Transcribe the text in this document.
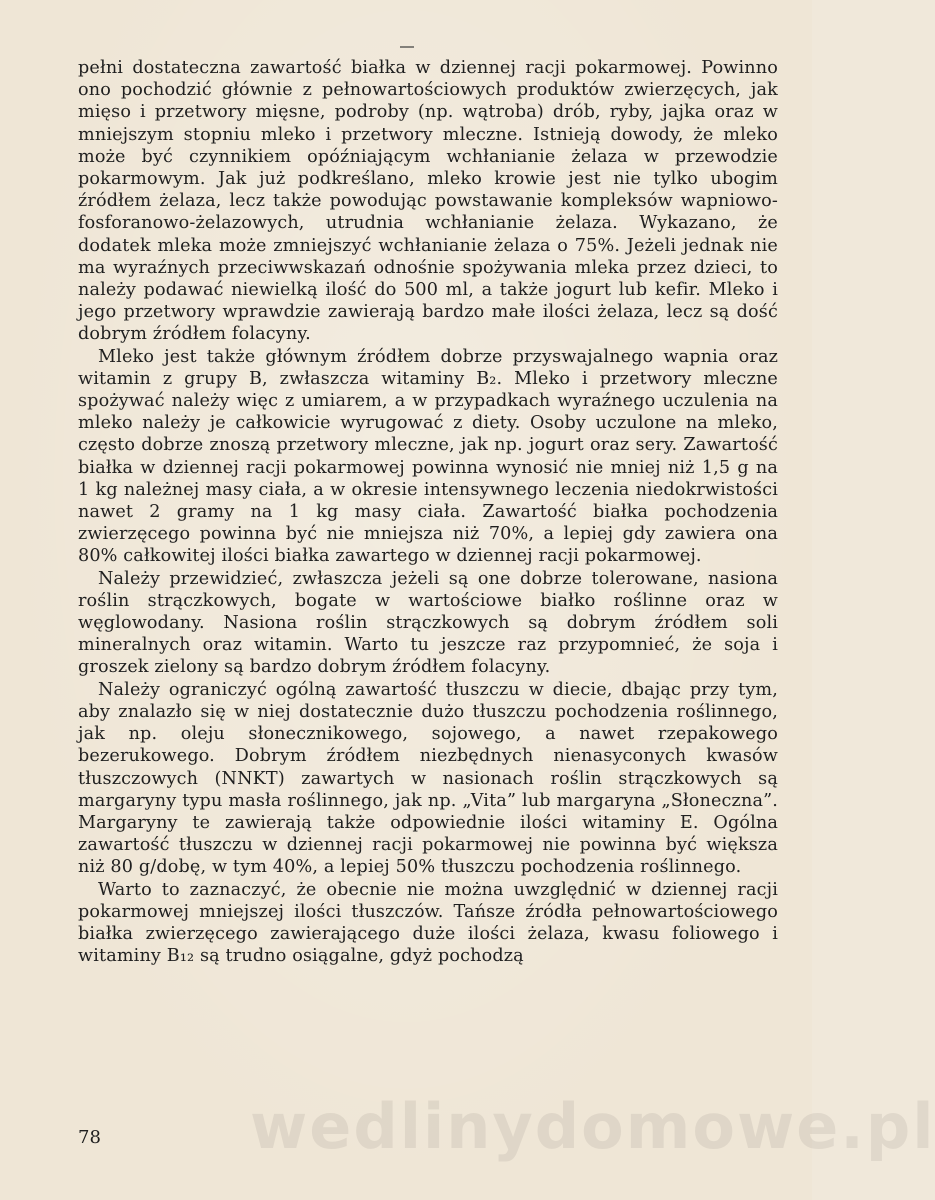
pełni dostateczna zawartość białka w dziennej racji pokarmowej. Powinno ono pochodzić głównie z pełnowartościowych produktów zwierzęcych, jak mięso i przetwory mięsne, podroby (np. wątroba) drób, ryby, jajka oraz w mniejszym stopniu mleko i przetwory mleczne. Istnieją dowody, że mleko może być czynnikiem opóźniającym wchłanianie żelaza w przewodzie pokarmowym. Jak już podkreślano, mleko krowie jest nie tylko ubogim źródłem żelaza, lecz także powodując powstawanie kompleksów wapniowo-fosforanowo-żelazowych, utrudnia wchłanianie żelaza. Wykazano, że dodatek mleka może zmniejszyć wchłanianie żelaza o 75%. Jeżeli jednak nie ma wyraźnych przeciwwskazań odnośnie spożywania mleka przez dzieci, to należy podawać niewielką ilość do 500 ml, a także jogurt lub kefir. Mleko i jego przetwory wprawdzie zawierają bardzo małe ilości żelaza, lecz są dość dobrym źródłem folacyny.

Mleko jest także głównym źródłem dobrze przyswajalnego wapnia oraz witamin z grupy B, zwłaszcza witaminy B₂. Mleko i przetwory mleczne spożywać należy więc z umiarem, a w przypadkach wyraźnego uczulenia na mleko należy je całkowicie wyrugować z diety. Osoby uczulone na mleko, często dobrze znoszą przetwory mleczne, jak np. jogurt oraz sery. Zawartość białka w dziennej racji pokarmowej powinna wynosić nie mniej niż 1,5 g na 1 kg należnej masy ciała, a w okresie intensywnego leczenia niedokrwistości nawet 2 gramy na 1 kg masy ciała. Zawartość białka pochodzenia zwierzęcego powinna być nie mniejsza niż 70%, a lepiej gdy zawiera ona 80% całkowitej ilości białka zawartego w dziennej racji pokarmowej.

Należy przewidzieć, zwłaszcza jeżeli są one dobrze tolerowane, nasiona roślin strączkowych, bogate w wartościowe białko roślinne oraz w węglowodany. Nasiona roślin strączkowych są dobrym źródłem soli mineralnych oraz witamin. Warto tu jeszcze raz przypomnieć, że soja i groszek zielony są bardzo dobrym źródłem folacyny.

Należy ograniczyć ogólną zawartość tłuszczu w diecie, dbając przy tym, aby znalazło się w niej dostatecznie dużo tłuszczu pochodzenia roślinnego, jak np. oleju słonecznikowego, sojowego, a nawet rzepakowego bezerukowego. Dobrym źródłem niezbędnych nienasyconych kwasów tłuszczowych (NNKT) zawartych w nasionach roślin strączkowych są margaryny typu masła roślinnego, jak np. „Vita” lub margaryna „Słoneczna”. Margaryny te zawierają także odpowiednie ilości witaminy E. Ogólna zawartość tłuszczu w dziennej racji pokarmowej nie powinna być większa niż 80 g/dobę, w tym 40%, a lepiej 50% tłuszczu pochodzenia roślinnego.

Warto to zaznaczyć, że obecnie nie można uwzględnić w dziennej racji pokarmowej mniejszej ilości tłuszczów. Tańsze źródła pełnowartościowego białka zwierzęcego zawierającego duże ilości żelaza, kwasu foliowego i witaminy B₁₂ są trudno osiągalne, gdyż pochodzą

wedlinydomowe.pl
78
